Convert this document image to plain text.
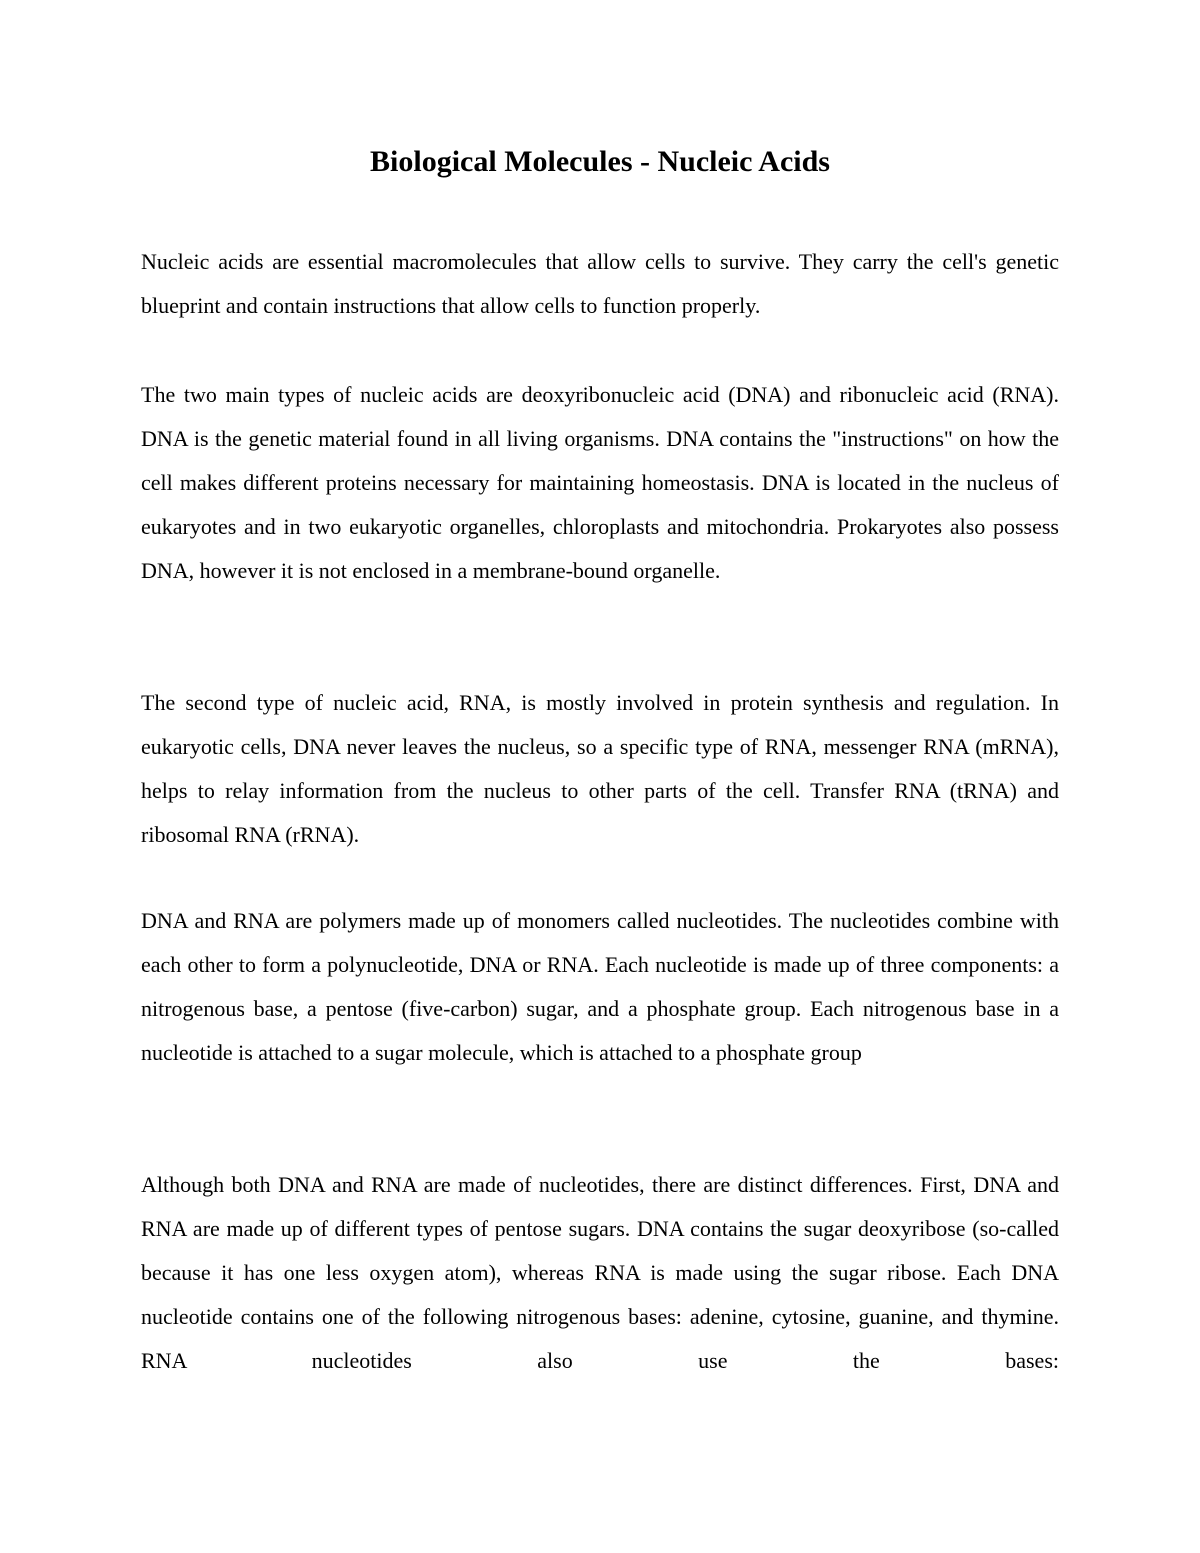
Biological Molecules - Nucleic Acids

Nucleic acids are essential macromolecules that allow cells to survive. They carry the cell's genetic blueprint and contain instructions that allow cells to function properly.

The two main types of nucleic acids are deoxyribonucleic acid (DNA) and ribonucleic acid (RNA). DNA is the genetic material found in all living organisms. DNA contains the "instructions" on how the cell makes different proteins necessary for maintaining homeostasis. DNA is located in the nucleus of eukaryotes and in two eukaryotic organelles, chloroplasts and mitochondria. Prokaryotes also possess DNA, however it is not enclosed in a membrane-bound organelle.

The second type of nucleic acid, RNA, is mostly involved in protein synthesis and regulation. In eukaryotic cells, DNA never leaves the nucleus, so a specific type of RNA, messenger RNA (mRNA), helps to relay information from the nucleus to other parts of the cell. Transfer RNA (tRNA) and ribosomal RNA (rRNA).

DNA and RNA are polymers made up of monomers called nucleotides. The nucleotides combine with each other to form a polynucleotide, DNA or RNA. Each nucleotide is made up of three components: a nitrogenous base, a pentose (five-carbon) sugar, and a phosphate group. Each nitrogenous base in a nucleotide is attached to a sugar molecule, which is attached to a phosphate group

Although both DNA and RNA are made of nucleotides, there are distinct differences. First, DNA and RNA are made up of different types of pentose sugars. DNA contains the sugar deoxyribose (so-called because it has one less oxygen atom), whereas RNA is made using the sugar ribose. Each DNA nucleotide contains one of the following nitrogenous bases: adenine, cytosine, guanine, and thymine. RNA nucleotides also use the bases:
